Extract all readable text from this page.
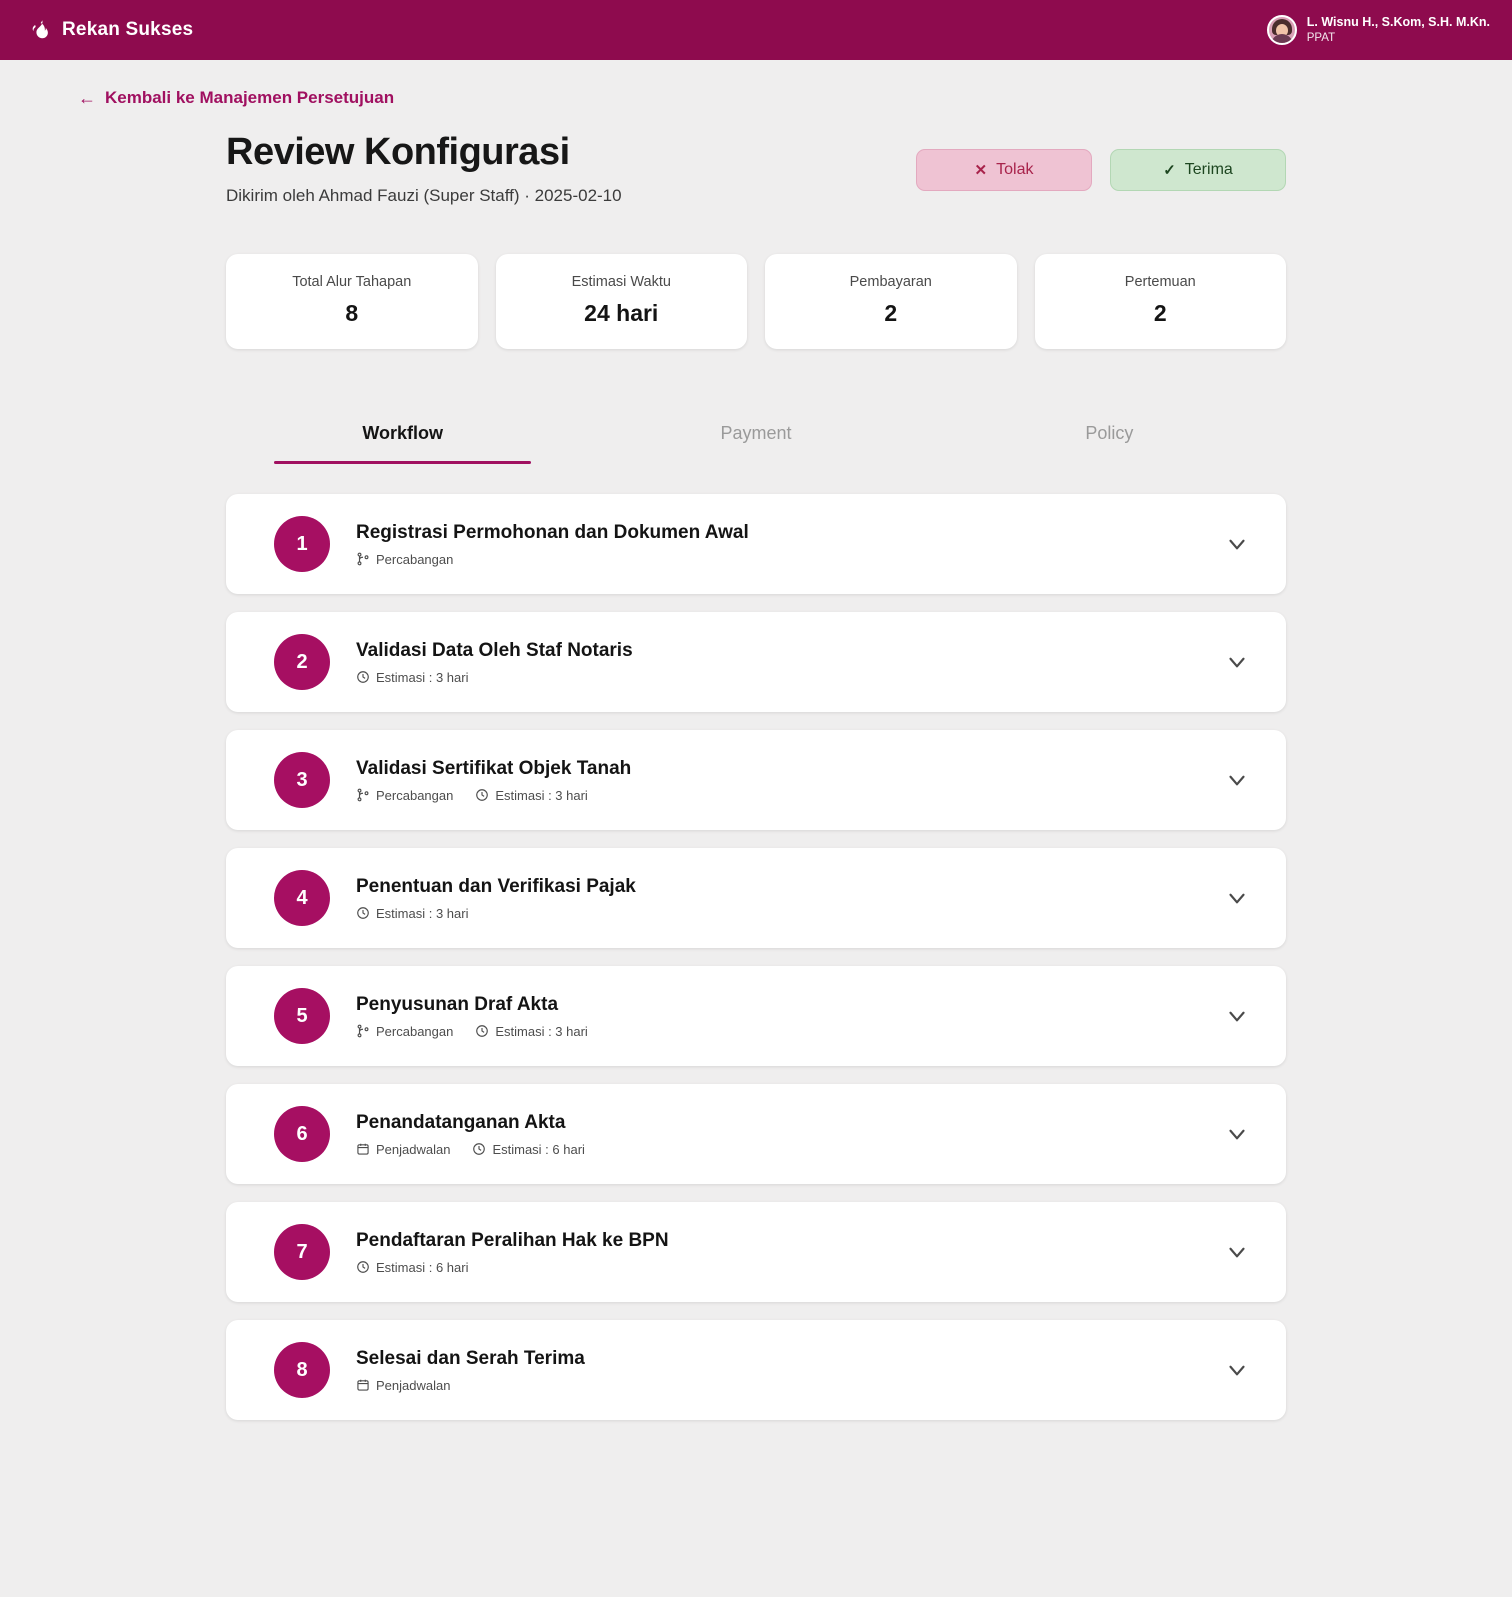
Rekan Sukses	L. Wisnu H., S.Kom, S.H. M.Kn.
PPAT
← Kembali ke Manajemen Persetujuan
Review Konfigurasi
Dikirim oleh Ahmad Fauzi (Super Staff) · 2025-02-10
✕ Tolak	✓ Terima
Total Alur Tahapan
8
Estimasi Waktu
24 hari
Pembayaran
2
Pertemuan
2
Workflow	Payment	Policy
1
Registrasi Permohonan dan Dokumen Awal
Percabangan
2
Validasi Data Oleh Staf Notaris
Estimasi : 3 hari
3
Validasi Sertifikat Objek Tanah
Percabangan	Estimasi : 3 hari
4
Penentuan dan Verifikasi Pajak
Estimasi : 3 hari
5
Penyusunan Draf Akta
Percabangan	Estimasi : 3 hari
6
Penandatanganan Akta
Penjadwalan	Estimasi : 6 hari
7
Pendaftaran Peralihan Hak ke BPN
Estimasi : 6 hari
8
Selesai dan Serah Terima
Penjadwalan
